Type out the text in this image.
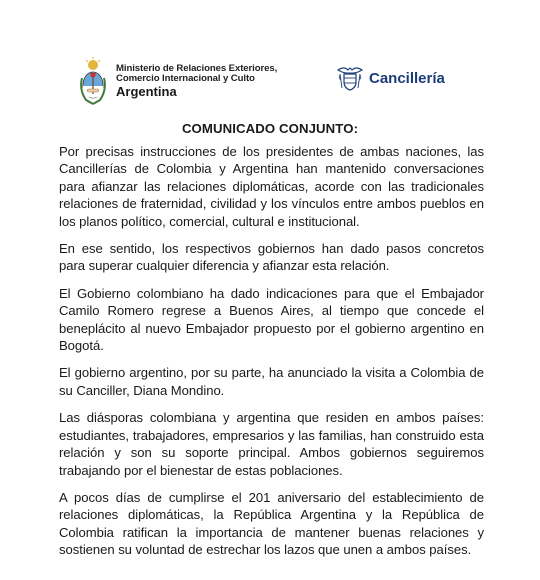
Ministerio de Relaciones Exteriores,
Comercio Internacional y Culto
Argentina
Cancillería
COMUNICADO CONJUNTO:

Por precisas instrucciones de los presidentes de ambas naciones, las Cancillerías de Colombia y Argentina han mantenido conversaciones para afianzar las relaciones diplomáticas, acorde con las tradicionales relaciones de fraternidad, civilidad y los vínculos entre ambos pueblos en los planos político, comercial, cultural e institucional.

En ese sentido, los respectivos gobiernos han dado pasos concretos para superar cualquier diferencia y afianzar esta relación.

El Gobierno colombiano ha dado indicaciones para que el Embajador Camilo Romero regrese a Buenos Aires, al tiempo que concede el beneplácito al nuevo Embajador propuesto por el gobierno argentino en Bogotá.

El gobierno argentino, por su parte, ha anunciado la visita a Colombia de su Canciller, Diana Mondino.

Las diásporas colombiana y argentina que residen en ambos países: estudiantes, trabajadores, empresarios y las familias, han construido esta relación y son su soporte principal. Ambos gobiernos seguiremos trabajando por el bienestar de estas poblaciones.

A pocos días de cumplirse el 201 aniversario del establecimiento de relaciones diplomáticas, la República Argentina y la República de Colombia ratifican la importancia de mantener buenas relaciones y sostienen su voluntad de estrechar los lazos que unen a ambos países.
